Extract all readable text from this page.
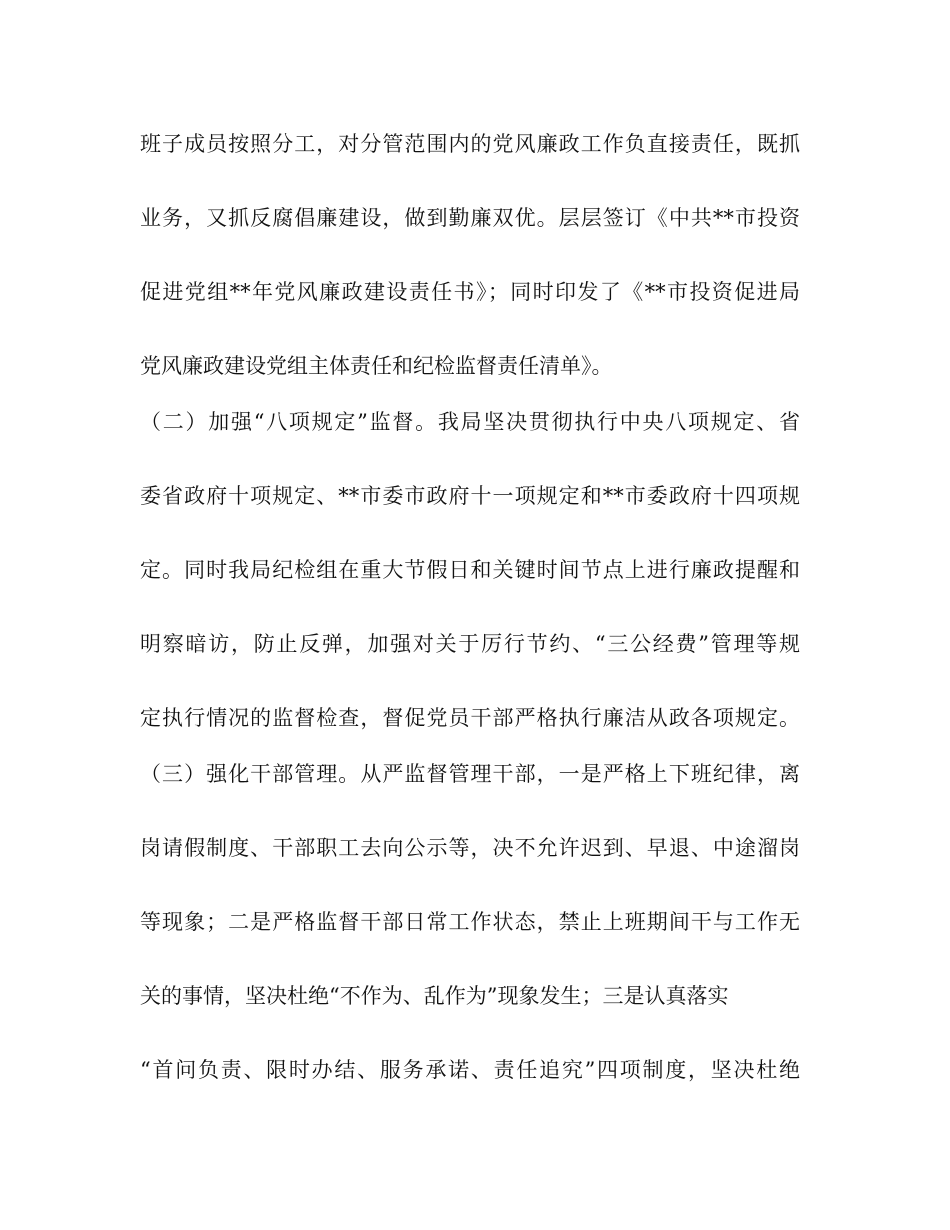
班子成员按照分工，对分管范围内的党风廉政工作负直接责任，既抓

业务，又抓反腐倡廉建设，做到勤廉双优。层层签订《中共**市投资

促进党组**年党风廉政建设责任书》；同时印发了《**市投资促进局

党风廉政建设党组主体责任和纪检监督责任清单》。

（二）加强“八项规定”监督。我局坚决贯彻执行中央八项规定、省

委省政府十项规定、**市委市政府十一项规定和**市委政府十四项规

定。同时我局纪检组在重大节假日和关键时间节点上进行廉政提醒和

明察暗访，防止反弹，加强对关于厉行节约、“三公经费”管理等规

定执行情况的监督检查，督促党员干部严格执行廉洁从政各项规定。

（三）强化干部管理。从严监督管理干部，一是严格上下班纪律，离

岗请假制度、干部职工去向公示等，决不允许迟到、早退、中途溜岗

等现象；二是严格监督干部日常工作状态，禁止上班期间干与工作无

关的事情，坚决杜绝“不作为、乱作为”现象发生；三是认真落实

“首问负责、限时办结、服务承诺、责任追究”四项制度，坚决杜绝
